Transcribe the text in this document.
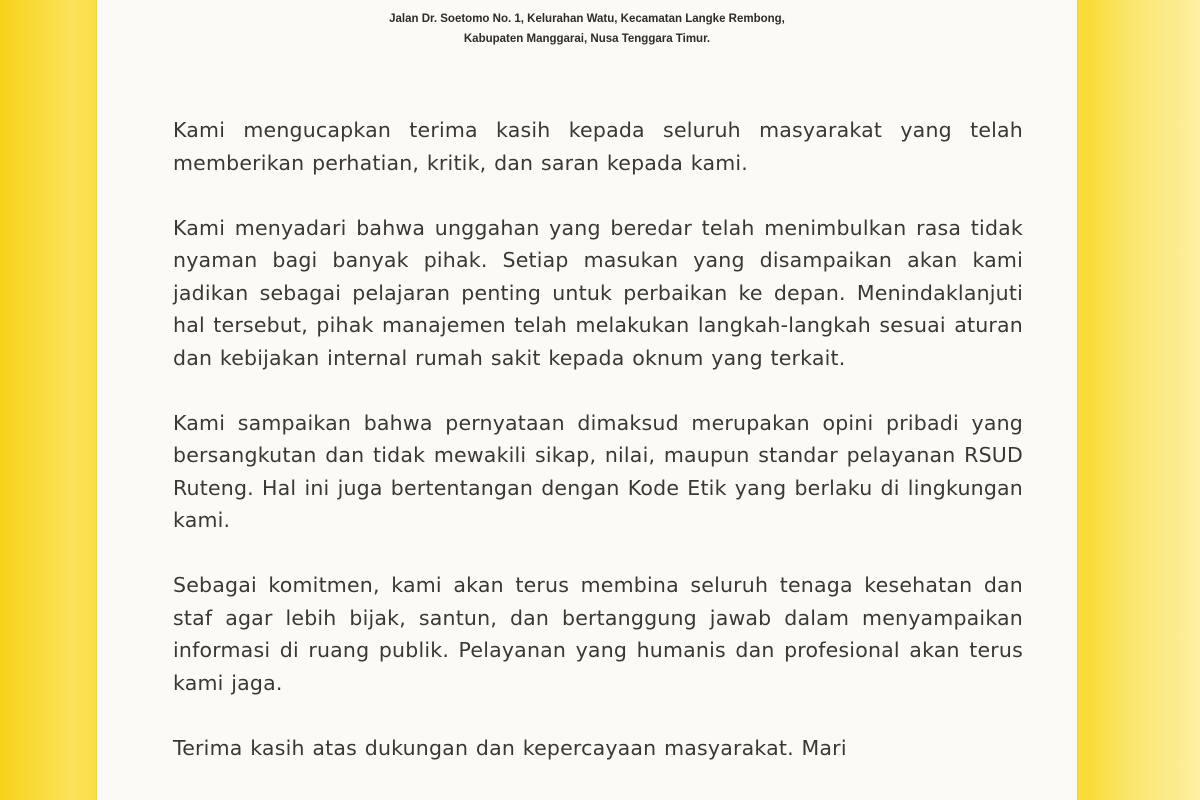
Jalan Dr. Soetomo No. 1, Kelurahan Watu, Kecamatan Langke Rembong,
Kabupaten Manggarai, Nusa Tenggara Timur.

Kami mengucapkan terima kasih kepada seluruh masyarakat yang telah memberikan perhatian, kritik, dan saran kepada kami.

Kami menyadari bahwa unggahan yang beredar telah menimbulkan rasa tidak nyaman bagi banyak pihak. Setiap masukan yang disampaikan akan kami jadikan sebagai pelajaran penting untuk perbaikan ke depan. Menindaklanjuti hal tersebut, pihak manajemen telah melakukan langkah-langkah sesuai aturan dan kebijakan internal rumah sakit kepada oknum yang terkait.

Kami sampaikan bahwa pernyataan dimaksud merupakan opini pribadi yang bersangkutan dan tidak mewakili sikap, nilai, maupun standar pelayanan RSUD Ruteng. Hal ini juga bertentangan dengan Kode Etik yang berlaku di lingkungan kami.

Sebagai komitmen, kami akan terus membina seluruh tenaga kesehatan dan staf agar lebih bijak, santun, dan bertanggung jawab dalam menyampaikan informasi di ruang publik. Pelayanan yang humanis dan profesional akan terus kami jaga.

Terima kasih atas dukungan dan kepercayaan masyarakat. Mari
